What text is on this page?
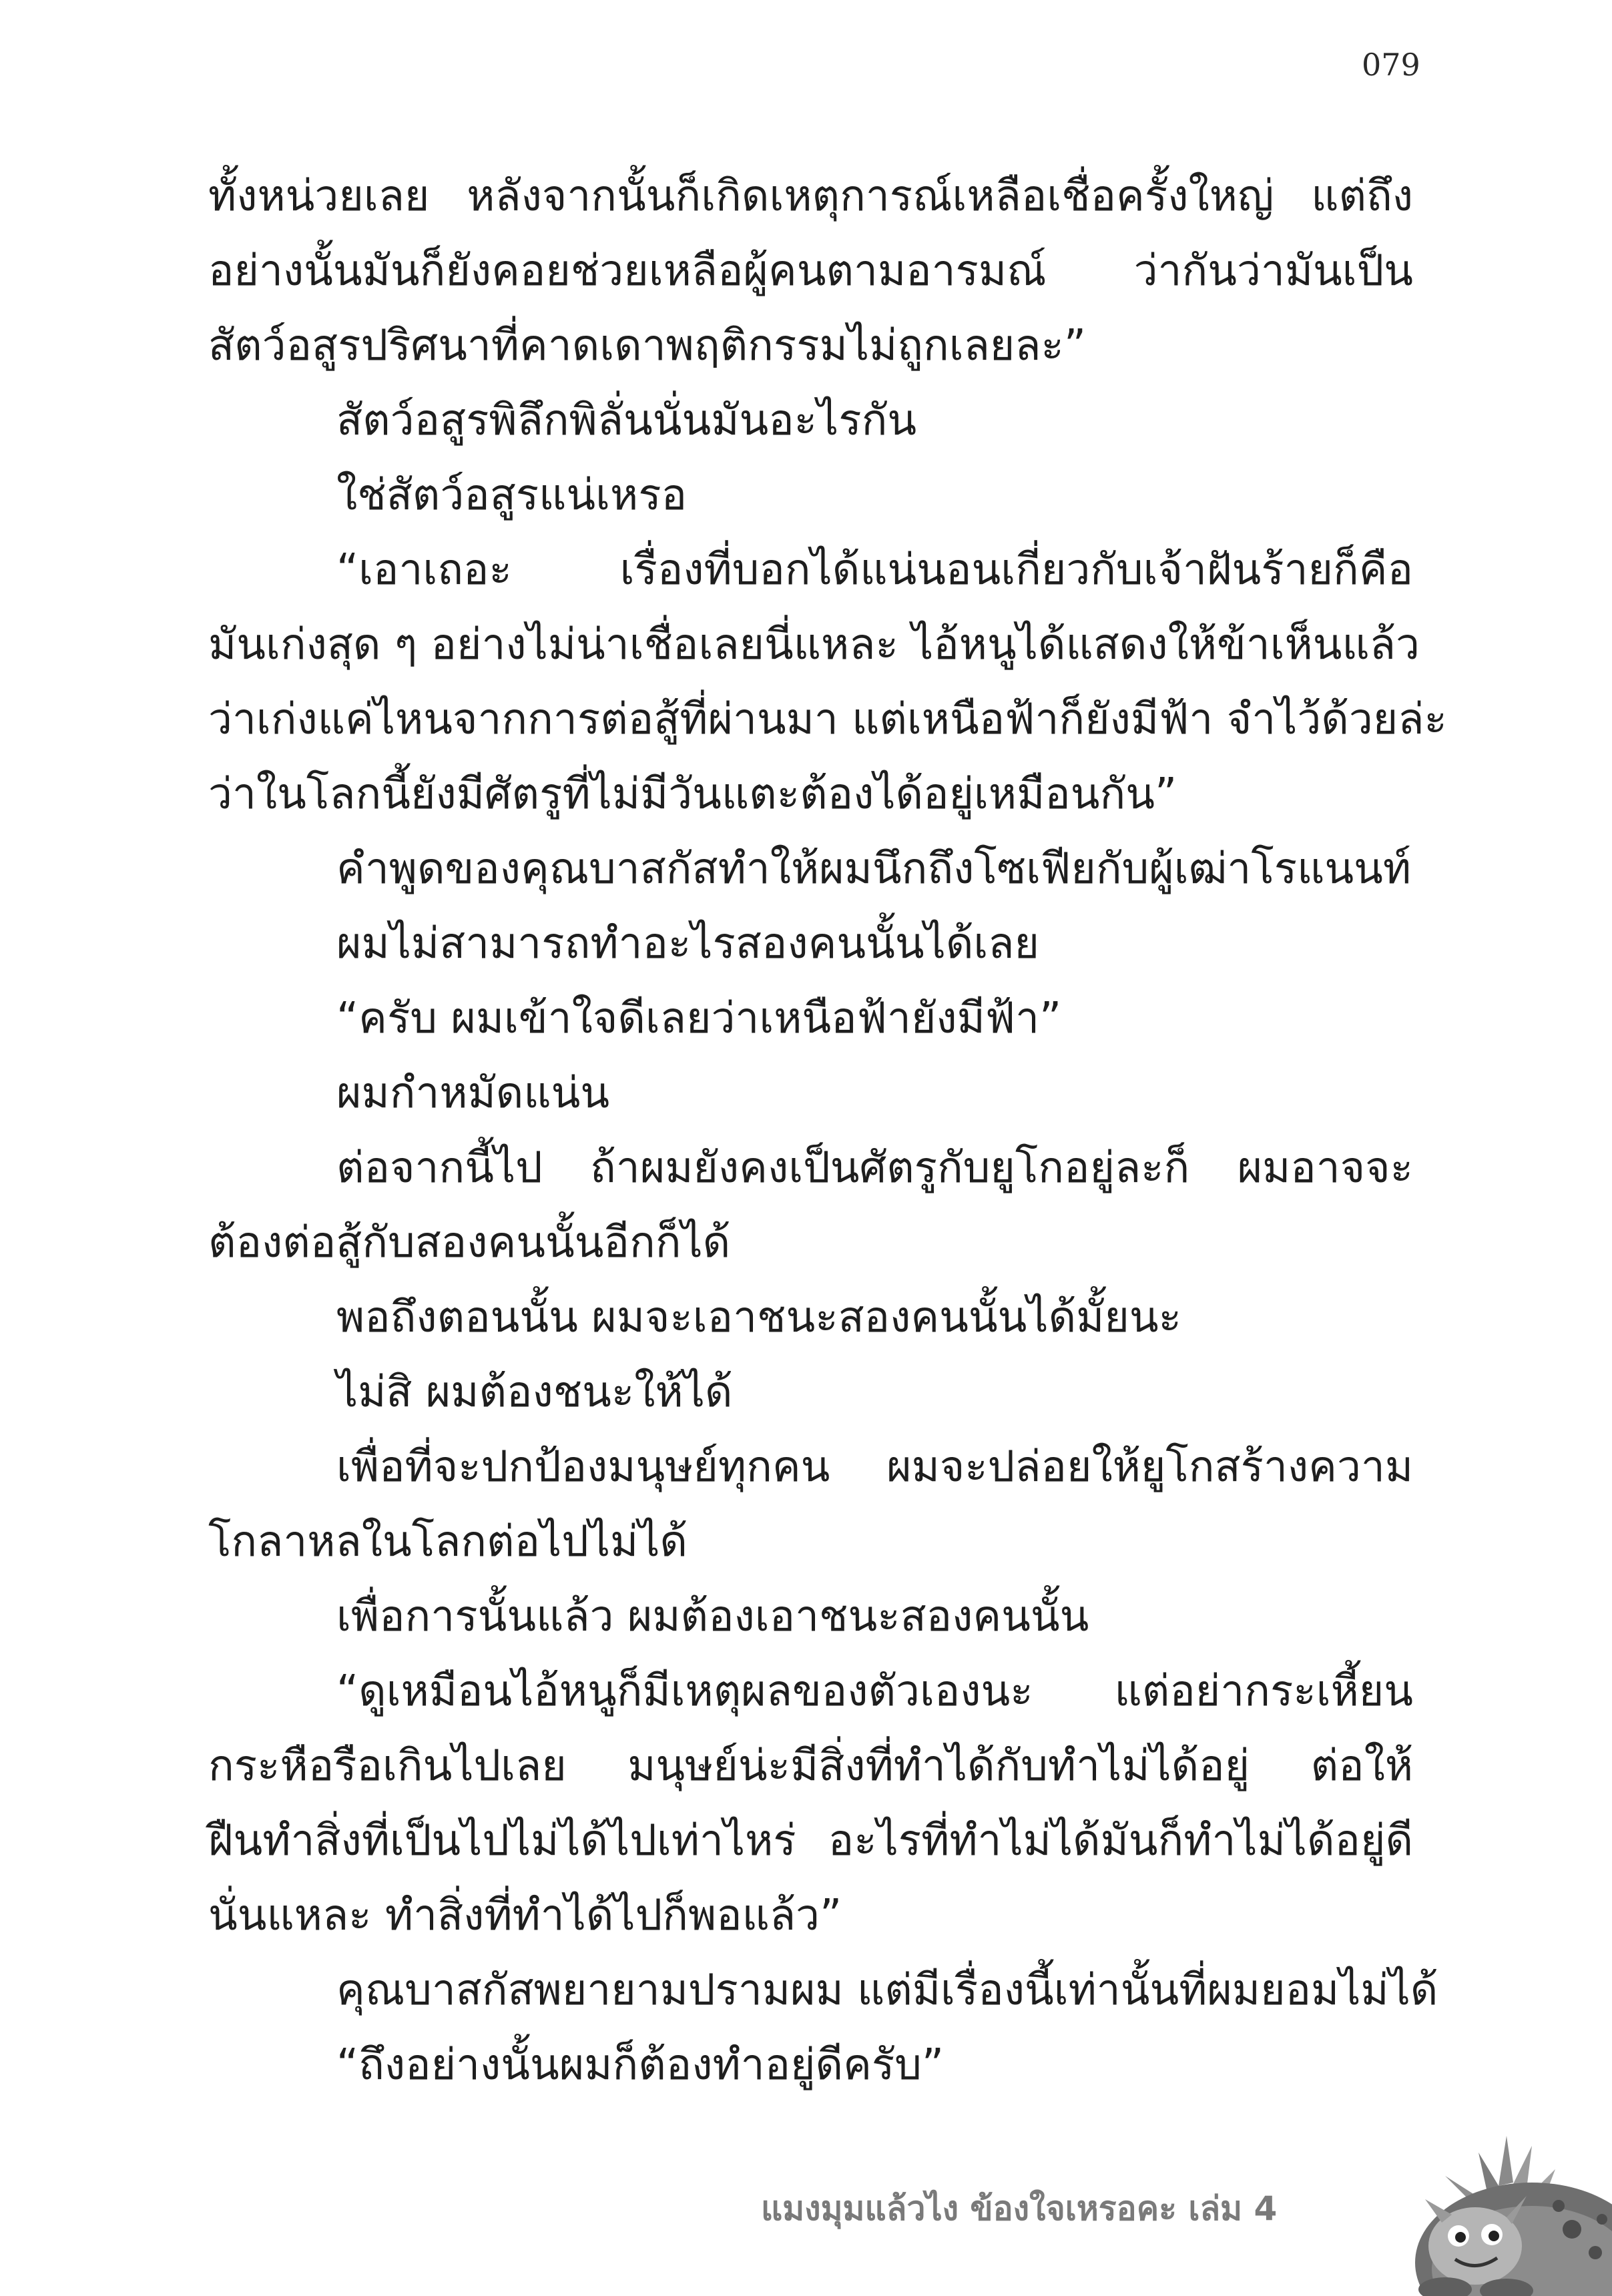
079
ทั้งหน่วยเลย หลังจากนั้นก็เกิดเหตุการณ์เหลือเชื่อครั้งใหญ่ แต่ถึง
อย่างนั้นมันก็ยังคอยช่วยเหลือผู้คนตามอารมณ์ ว่ากันว่ามันเป็น
สัตว์อสูรปริศนาที่คาดเดาพฤติกรรมไม่ถูกเลยละ”
สัตว์อสูรพิลึกพิลั่นนั่นมันอะไรกัน
ใช่สัตว์อสูรแน่เหรอ
“เอาเถอะ เรื่องที่บอกได้แน่นอนเกี่ยวกับเจ้าฝันร้ายก็คือ
มันเก่งสุด ๆ อย่างไม่น่าเชื่อเลยนี่แหละ ไอ้หนูได้แสดงให้ข้าเห็นแล้ว
ว่าเก่งแค่ไหนจากการต่อสู้ที่ผ่านมา แต่เหนือฟ้าก็ยังมีฟ้า จำไว้ด้วยล่ะ
ว่าในโลกนี้ยังมีศัตรูที่ไม่มีวันแตะต้องได้อยู่เหมือนกัน”
คำพูดของคุณบาสกัสทำให้ผมนึกถึงโซเฟียกับผู้เฒ่าโรแนนท์
ผมไม่สามารถทำอะไรสองคนนั้นได้เลย
“ครับ ผมเข้าใจดีเลยว่าเหนือฟ้ายังมีฟ้า”
ผมกำหมัดแน่น
ต่อจากนี้ไป ถ้าผมยังคงเป็นศัตรูกับยูโกอยู่ละก็ ผมอาจจะ
ต้องต่อสู้กับสองคนนั้นอีกก็ได้
พอถึงตอนนั้น ผมจะเอาชนะสองคนนั้นได้มั้ยนะ
ไม่สิ ผมต้องชนะให้ได้
เพื่อที่จะปกป้องมนุษย์ทุกคน ผมจะปล่อยให้ยูโกสร้างความ
โกลาหลในโลกต่อไปไม่ได้
เพื่อการนั้นแล้ว ผมต้องเอาชนะสองคนนั้น
“ดูเหมือนไอ้หนูก็มีเหตุผลของตัวเองนะ แต่อย่ากระเหี้ยน
กระหือรือเกินไปเลย มนุษย์น่ะมีสิ่งที่ทำได้กับทำไม่ได้อยู่ ต่อให้
ฝืนทำสิ่งที่เป็นไปไม่ได้ไปเท่าไหร่ อะไรที่ทำไม่ได้มันก็ทำไม่ได้อยู่ดี
นั่นแหละ ทำสิ่งที่ทำได้ไปก็พอแล้ว”
คุณบาสกัสพยายามปรามผม แต่มีเรื่องนี้เท่านั้นที่ผมยอมไม่ได้
“ถึงอย่างนั้นผมก็ต้องทำอยู่ดีครับ”
แมงมุมแล้วไง ข้องใจเหรอคะ เล่ม 4
